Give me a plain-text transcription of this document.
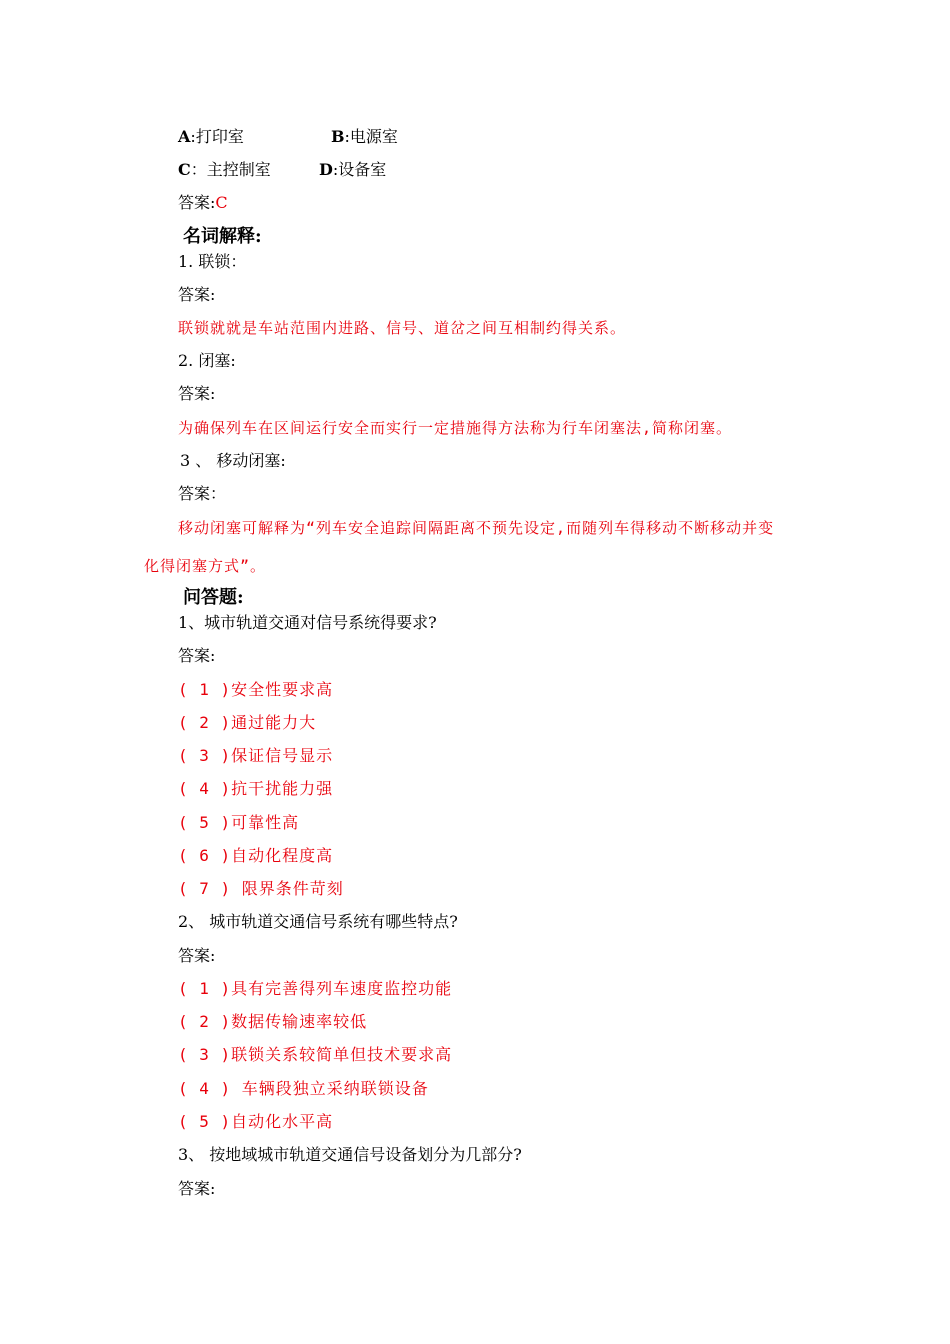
A:打印室	B:电源室
C：主控制室	D:设备室
答案:C
名词解释:
1. 联锁：
答案:
联锁就就是车站范围内进路、信号、道岔之间互相制约得关系。
2. 闭塞:
答案:
为确保列车在区间运行安全而实行一定措施得方法称为行车闭塞法,简称闭塞。
3 、 移动闭塞:
答案：
移动闭塞可解释为“列车安全追踪间隔距离不预先设定,而随列车得移动不断移动并变
化得闭塞方式”。
问答题:
1、城市轨道交通对信号系统得要求?
答案:
( 1 )安全性要求高
( 2 )通过能力大
( 3 )保证信号显示
( 4 )抗干扰能力强
( 5 )可靠性高
( 6 )自动化程度高
( 7 ) 限界条件苛刻
2、 城市轨道交通信号系统有哪些特点?
答案:
( 1 )具有完善得列车速度监控功能
( 2 )数据传输速率较低
( 3 )联锁关系较简单但技术要求高
( 4 ) 车辆段独立采纳联锁设备
( 5 )自动化水平高
3、 按地域城市轨道交通信号设备划分为几部分?
答案:
